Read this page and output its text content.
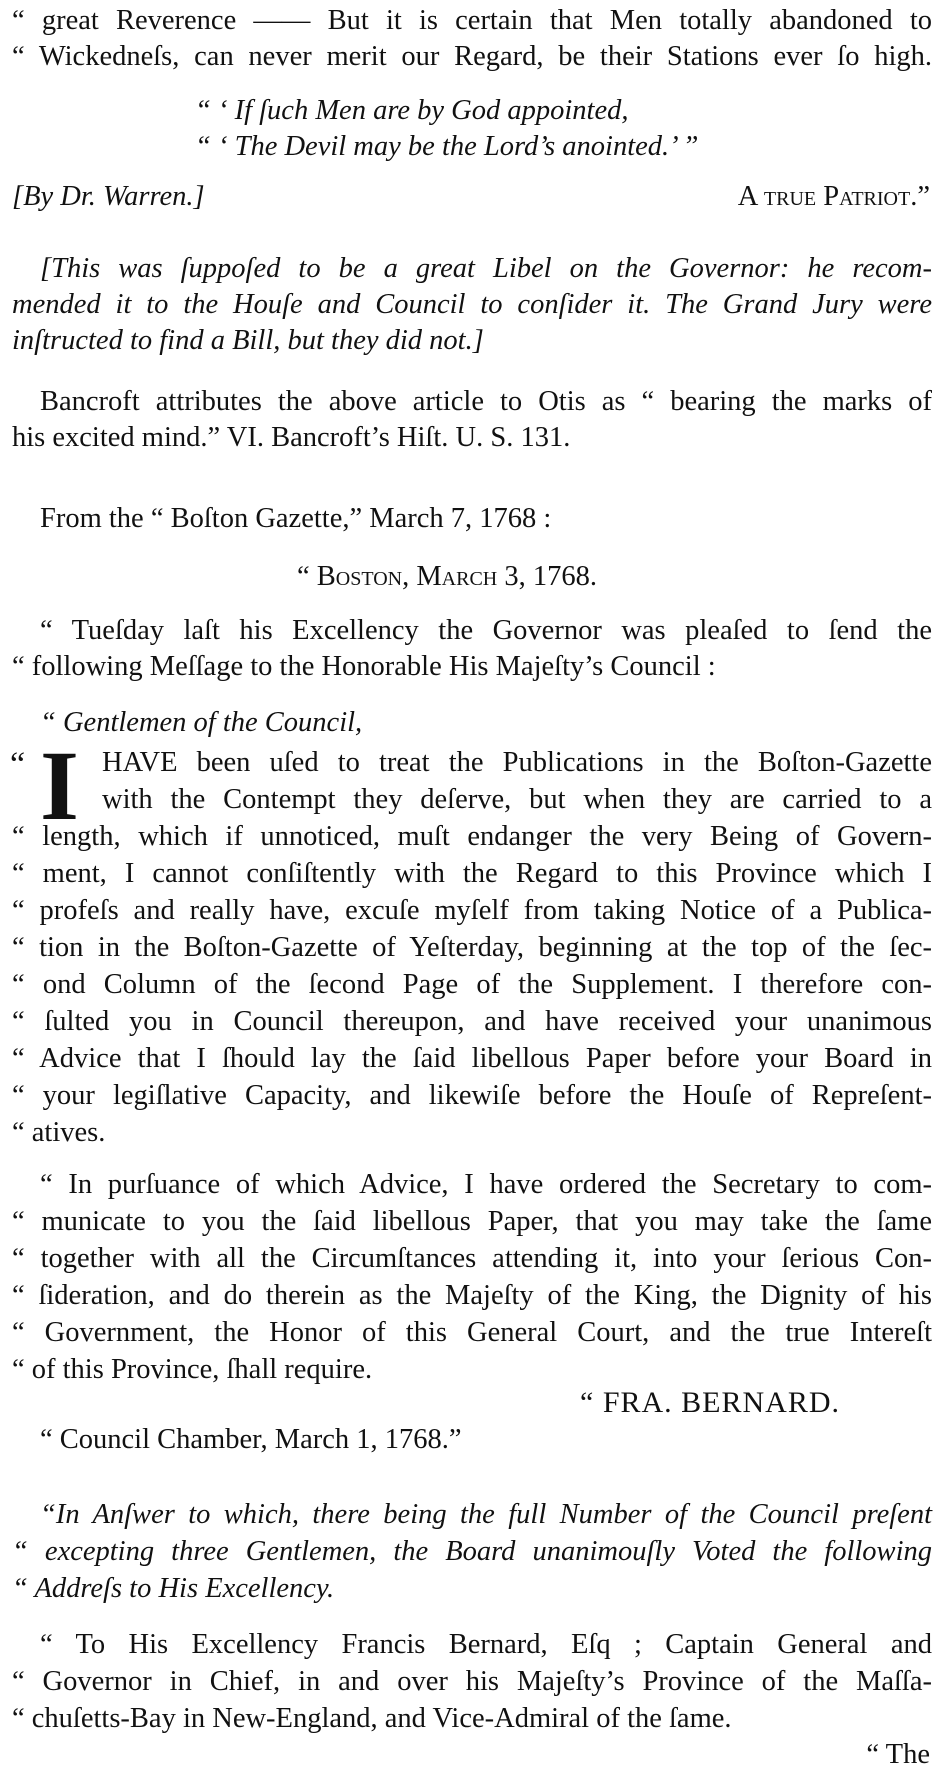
“ great Reverence —— But it is certain that Men totally abandoned to
“ Wickedneſs, can never merit our Regard, be their Stations ever ſo high.
“ ‘ If ſuch Men are by God appointed,
“ ‘ The Devil may be the Lord’s anointed.’ ”
[By Dr. Warren.]	A true Patriot.”
[This was ſuppoſed to be a great Libel on the Governor: he recom-
mended it to the Houſe and Council to conſider it. The Grand Jury were
inſtructed to find a Bill, but they did not.]
Bancroft attributes the above article to Otis as “ bearing the marks of
his excited mind.” VI. Bancroft’s Hiſt. U. S. 131.
From the “ Boſton Gazette,” March 7, 1768 :
“ Boston, March 3, 1768.
“ Tueſday laſt his Excellency the Governor was pleaſed to ſend the
“ following Meſſage to the Honorable His Majeſty’s Council :
“ Gentlemen of the Council,
“ I HAVE been uſed to treat the Publications in the Boſton-Gazette
with the Contempt they deſerve, but when they are carried to a
“ length, which if unnoticed, muſt endanger the very Being of Govern-
“ ment, I cannot conſiſtently with the Regard to this Province which I
“ profeſs and really have, excuſe myſelf from taking Notice of a Publica-
“ tion in the Boſton-Gazette of Yeſterday, beginning at the top of the ſec-
“ ond Column of the ſecond Page of the Supplement. I therefore con-
“ ſulted you in Council thereupon, and have received your unanimous
“ Advice that I ſhould lay the ſaid libellous Paper before your Board in
“ your legiſlative Capacity, and likewiſe before the Houſe of Repreſent-
“ atives.
“ In purſuance of which Advice, I have ordered the Secretary to com-
“ municate to you the ſaid libellous Paper, that you may take the ſame
“ together with all the Circumſtances attending it, into your ſerious Con-
“ ſideration, and do therein as the Majeſty of the King, the Dignity of his
“ Government, the Honor of this General Court, and the true Intereſt
“ of this Province, ſhall require.
“ FRA. BERNARD.
“ Council Chamber, March 1, 1768.”
“In Anſwer to which, there being the full Number of the Council preſent
“ excepting three Gentlemen, the Board unanimouſly Voted the following
“ Addreſs to His Excellency.
“ To His Excellency Francis Bernard, Eſq ; Captain General and
“ Governor in Chief, in and over his Majeſty’s Province of the Maſſa-
“ chuſetts-Bay in New-England, and Vice-Admiral of the ſame.
“ The
